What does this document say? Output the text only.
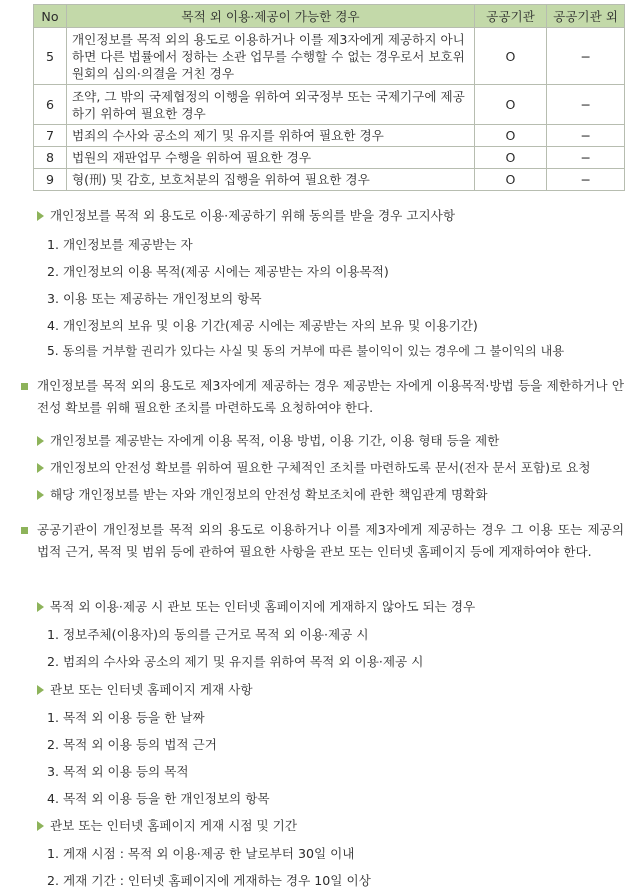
No	목적 외 이용·제공이 가능한 경우	공공기관	공공기관 외
5	개인정보를 목적 외의 용도로 이용하거나 이를 제3자에게 제공하지 아니하면 다른 법률에서 정하는 소관 업무를 수행할 수 없는 경우로서 보호위원회의 심의·의결을 거친 경우	O	−
6	조약, 그 밖의 국제협정의 이행을 위하여 외국정부 또는 국제기구에 제공하기 위하여 필요한 경우	O	−
7	범죄의 수사와 공소의 제기 및 유지를 위하여 필요한 경우	O	−
8	법원의 재판업무 수행을 위하여 필요한 경우	O	−
9	형(刑) 및 감호, 보호처분의 집행을 위하여 필요한 경우	O	−
개인정보를 목적 외 용도로 이용·제공하기 위해 동의를 받을 경우 고지사항
1. 개인정보를 제공받는 자
2. 개인정보의 이용 목적(제공 시에는 제공받는 자의 이용목적)
3. 이용 또는 제공하는 개인정보의 항목
4. 개인정보의 보유 및 이용 기간(제공 시에는 제공받는 자의 보유 및 이용기간)
5. 동의를 거부할 권리가 있다는 사실 및 동의 거부에 따른 불이익이 있는 경우에 그 불이익의 내용
개인정보를 목적 외의 용도로 제3자에게 제공하는 경우 제공받는 자에게 이용목적·방법 등을 제한하거나 안전성 확보를 위해 필요한 조치를 마련하도록 요청하여야 한다.
개인정보를 제공받는 자에게 이용 목적, 이용 방법, 이용 기간, 이용 형태 등을 제한
개인정보의 안전성 확보를 위하여 필요한 구체적인 조치를 마련하도록 문서(전자 문서 포함)로 요청
해당 개인정보를 받는 자와 개인정보의 안전성 확보조치에 관한 책임관계 명확화
공공기관이 개인정보를 목적 외의 용도로 이용하거나 이를 제3자에게 제공하는 경우 그 이용 또는 제공의 법적 근거, 목적 및 범위 등에 관하여 필요한 사항을 관보 또는 인터넷 홈페이지 등에 게재하여야 한다.
목적 외 이용·제공 시 관보 또는 인터넷 홈페이지에 게재하지 않아도 되는 경우
1. 정보주체(이용자)의 동의를 근거로 목적 외 이용·제공 시
2. 범죄의 수사와 공소의 제기 및 유지를 위하여 목적 외 이용·제공 시
관보 또는 인터넷 홈페이지 게재 사항
1. 목적 외 이용 등을 한 날짜
2. 목적 외 이용 등의 법적 근거
3. 목적 외 이용 등의 목적
4. 목적 외 이용 등을 한 개인정보의 항목
관보 또는 인터넷 홈페이지 게재 시점 및 기간
1. 게재 시점 : 목적 외 이용·제공 한 날로부터 30일 이내
2. 게재 기간 : 인터넷 홈페이지에 게재하는 경우 10일 이상
